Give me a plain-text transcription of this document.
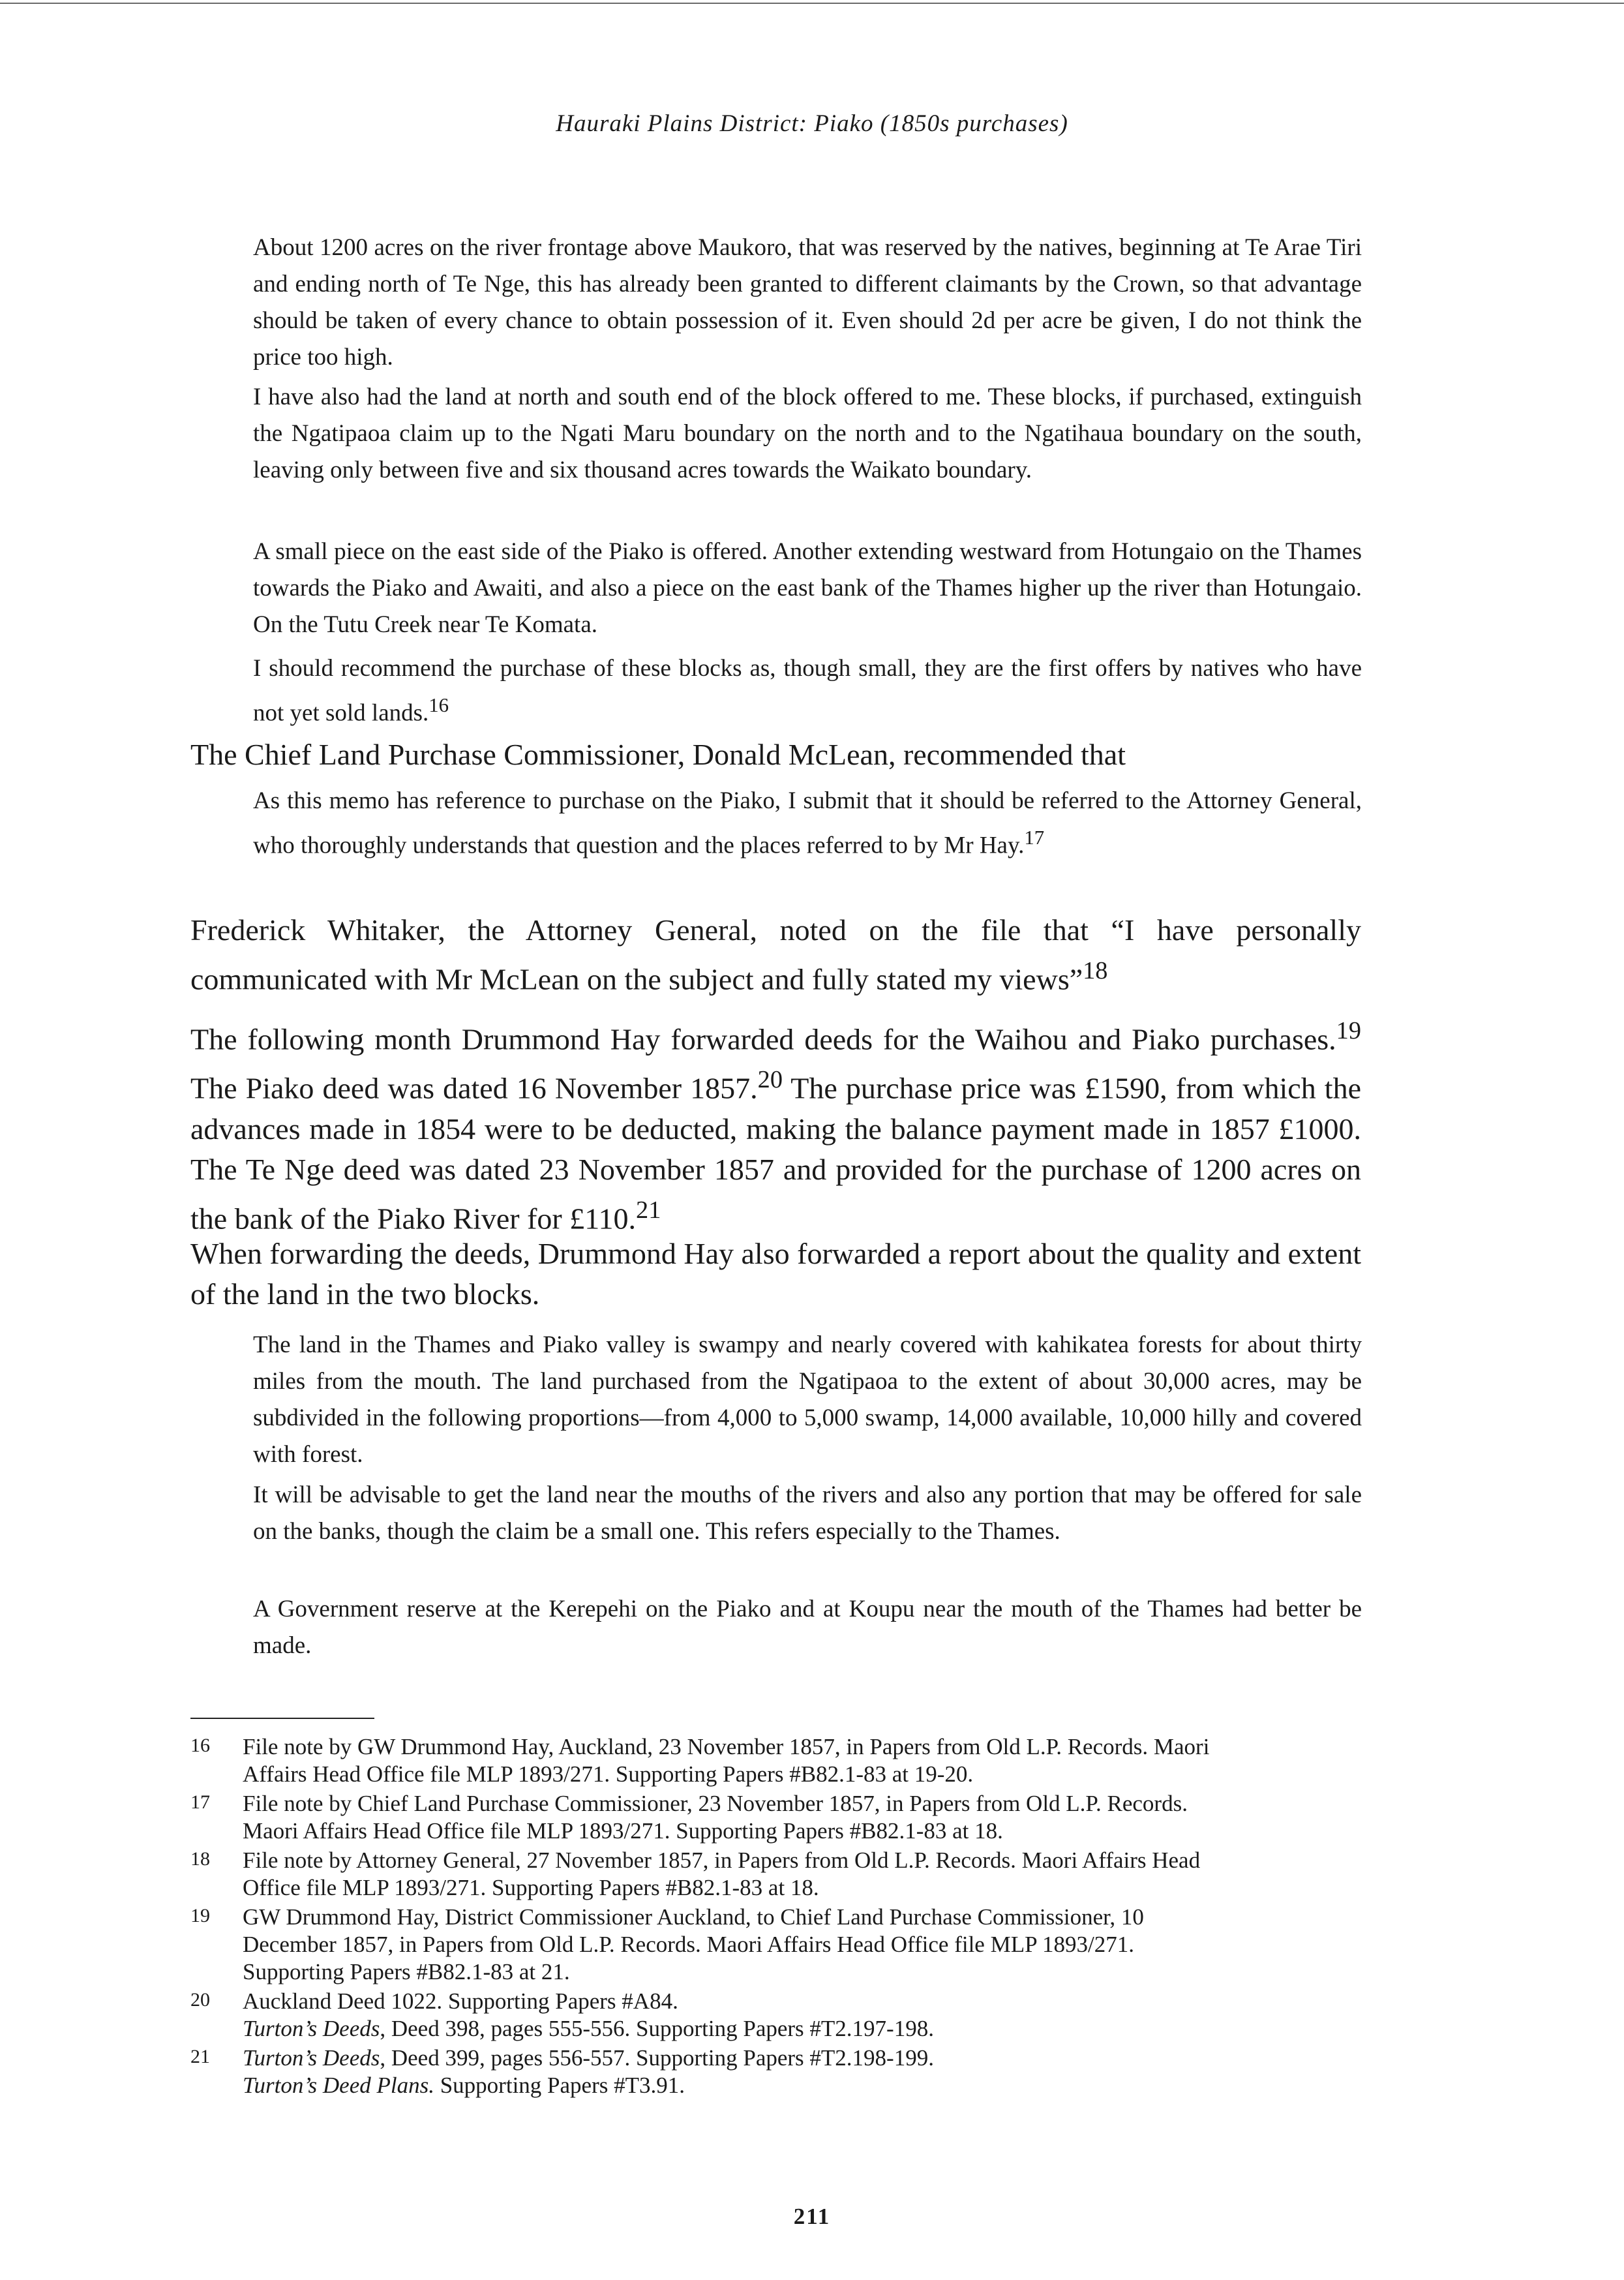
Hauraki Plains District: Piako (1850s purchases)

About 1200 acres on the river frontage above Maukoro, that was reserved by the natives, beginning at Te Arae Tiri and ending north of Te Nge, this has already been granted to different claimants by the Crown, so that advantage should be taken of every chance to obtain possession of it. Even should 2d per acre be given, I do not think the price too high.

I have also had the land at north and south end of the block offered to me. These blocks, if purchased, extinguish the Ngatipaoa claim up to the Ngati Maru boundary on the north and to the Ngatihaua boundary on the south, leaving only between five and six thousand acres towards the Waikato boundary.

A small piece on the east side of the Piako is offered. Another extending westward from Hotungaio on the Thames towards the Piako and Awaiti, and also a piece on the east bank of the Thames higher up the river than Hotungaio. On the Tutu Creek near Te Komata.

I should recommend the purchase of these blocks as, though small, they are the first offers by natives who have not yet sold lands.$^{16}$

The Chief Land Purchase Commissioner, Donald McLean, recommended that

As this memo has reference to purchase on the Piako, I submit that it should be referred to the Attorney General, who thoroughly understands that question and the places referred to by Mr Hay.$^{17}$

Frederick Whitaker, the Attorney General, noted on the file that “I have personally communicated with Mr McLean on the subject and fully stated my views”$^{18}$

The following month Drummond Hay forwarded deeds for the Waihou and Piako purchases.$^{19}$ The Piako deed was dated 16 November 1857.20 The purchase price was £1590, from which the advances made in 1854 were to be deducted, making the balance payment made in 1857 £1000. The Te Nge deed was dated 23 November 1857 and provided for the purchase of 1200 acres on the bank of the Piako River for £110.21

When forwarding the deeds, Drummond Hay also forwarded a report about the quality and extent of the land in the two blocks.

The land in the Thames and Piako valley is swampy and nearly covered with kahikatea forests for about thirty miles from the mouth. The land purchased from the Ngatipaoa to the extent of about 30,000 acres, may be subdivided in the following proportions—from 4,000 to 5,000 swamp, 14,000 available, 10,000 hilly and covered with forest.

It will be advisable to get the land near the mouths of the rivers and also any portion that may be offered for sale on the banks, though the claim be a small one. This refers especially to the Thames.

A Government reserve at the Kerepehi on the Piako and at Koupu near the mouth of the Thames had better be made.

16 File note by GW Drummond Hay, Auckland, 23 November 1857, in Papers from Old L.P. Records. Maori
Affairs Head Office file MLP 1893/271. Supporting Papers #B82.1-83 at 19-20.
17 File note by Chief Land Purchase Commissioner, 23 November 1857, in Papers from Old L.P. Records.
Maori Affairs Head Office file MLP 1893/271. Supporting Papers #B82.1-83 at 18.
18 File note by Attorney General, 27 November 1857, in Papers from Old L.P. Records. Maori Affairs Head
Office file MLP 1893/271. Supporting Papers #B82.1-83 at 18.
19 GW Drummond Hay, District Commissioner Auckland, to Chief Land Purchase Commissioner, 10
December 1857, in Papers from Old L.P. Records. Maori Affairs Head Office file MLP 1893/271.
Supporting Papers #B82.1-83 at 21.
20 Auckland Deed 1022. Supporting Papers #A84.
Turton’s Deeds, Deed 398, pages 555-556. Supporting Papers #T2.197-198.
21 Turton’s Deeds, Deed 399, pages 556-557. Supporting Papers #T2.198-199.
Turton’s Deed Plans. Supporting Papers #T3.91.
211
